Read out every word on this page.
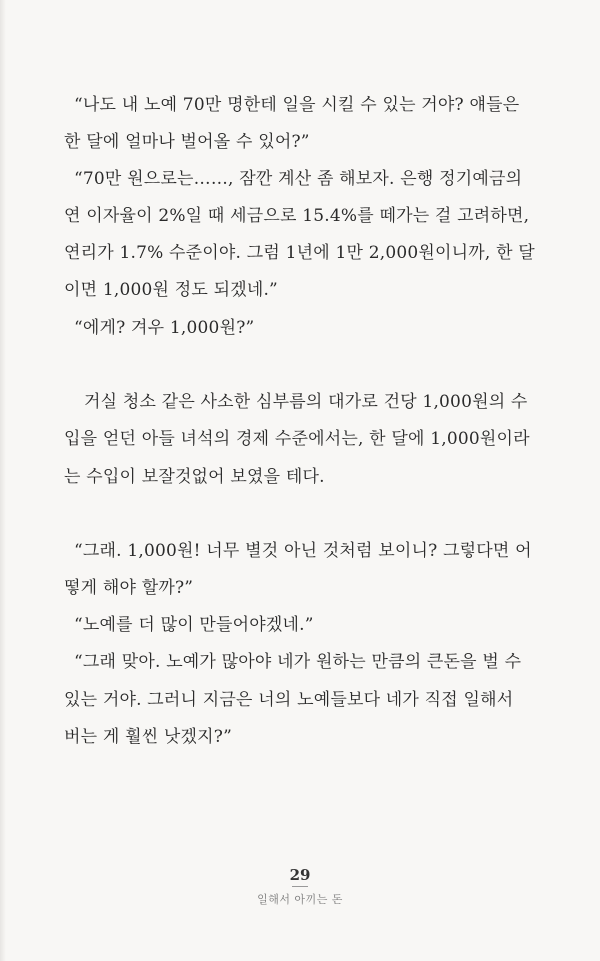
“나도 내 노예 70만 명한테 일을 시킬 수 있는 거야? 얘들은
한 달에 얼마나 벌어올 수 있어?”
“70만 원으로는……, 잠깐 계산 좀 해보자. 은행 정기예금의
연 이자율이 2%일 때 세금으로 15.4%를 떼가는 걸 고려하면,
연리가 1.7% 수준이야. 그럼 1년에 1만 2,000원이니까, 한 달
이면 1,000원 정도 되겠네.”
“에게? 겨우 1,000원?”
거실 청소 같은 사소한 심부름의 대가로 건당 1,000원의 수
입을 얻던 아들 녀석의 경제 수준에서는, 한 달에 1,000원이라
는 수입이 보잘것없어 보였을 테다.
“그래. 1,000원! 너무 별것 아닌 것처럼 보이니? 그렇다면 어
떻게 해야 할까?”
“노예를 더 많이 만들어야겠네.”
“그래 맞아. 노예가 많아야 네가 원하는 만큼의 큰돈을 벌 수
있는 거야. 그러니 지금은 너의 노예들보다 네가 직접 일해서
버는 게 훨씬 낫겠지?”
29
일해서 아끼는 돈
